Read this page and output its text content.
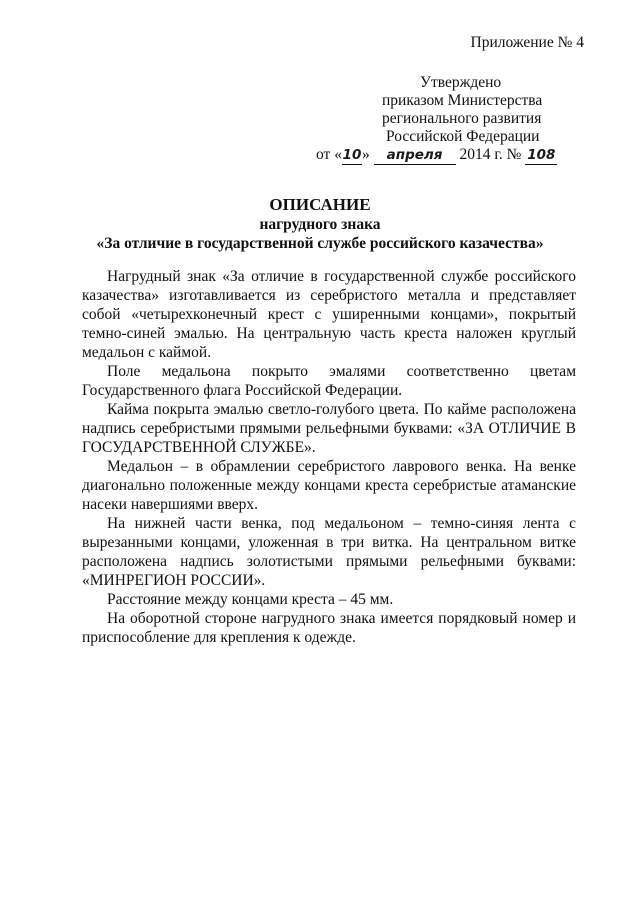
Приложение № 4
Утверждено
приказом Министерства
регионального развития
Российской Федерации
от «10» апреля 2014 г. № 108
ОПИСАНИЕ
нагрудного знака
«За отличие в государственной службе российского казачества»

Нагрудный знак «За отличие в государственной службе российского казачества» изготавливается из серебристого металла и представляет собой «четырехконечный крест с уширенными концами», покрытый темно-синей эмалью. На центральную часть креста наложен круглый медальон с каймой.

Поле медальона покрыто эмалями соответственно цветам Государственного флага Российской Федерации.

Кайма покрыта эмалью светло-голубого цвета. По кайме расположена надпись серебристыми прямыми рельефными буквами: «ЗА ОТЛИЧИЕ В ГОСУДАРСТВЕННОЙ СЛУЖБЕ».

Медальон – в обрамлении серебристого лаврового венка. На венке диагонально положенные между концами креста серебристые атаманские насеки навершиями вверх.

На нижней части венка, под медальоном – темно-синяя лента с вырезанными концами, уложенная в три витка. На центральном витке расположена надпись золотистыми прямыми рельефными буквами: «МИНРЕГИОН РОССИИ».

Расстояние между концами креста – 45 мм.

На оборотной стороне нагрудного знака имеется порядковый номер и приспособление для крепления к одежде.
